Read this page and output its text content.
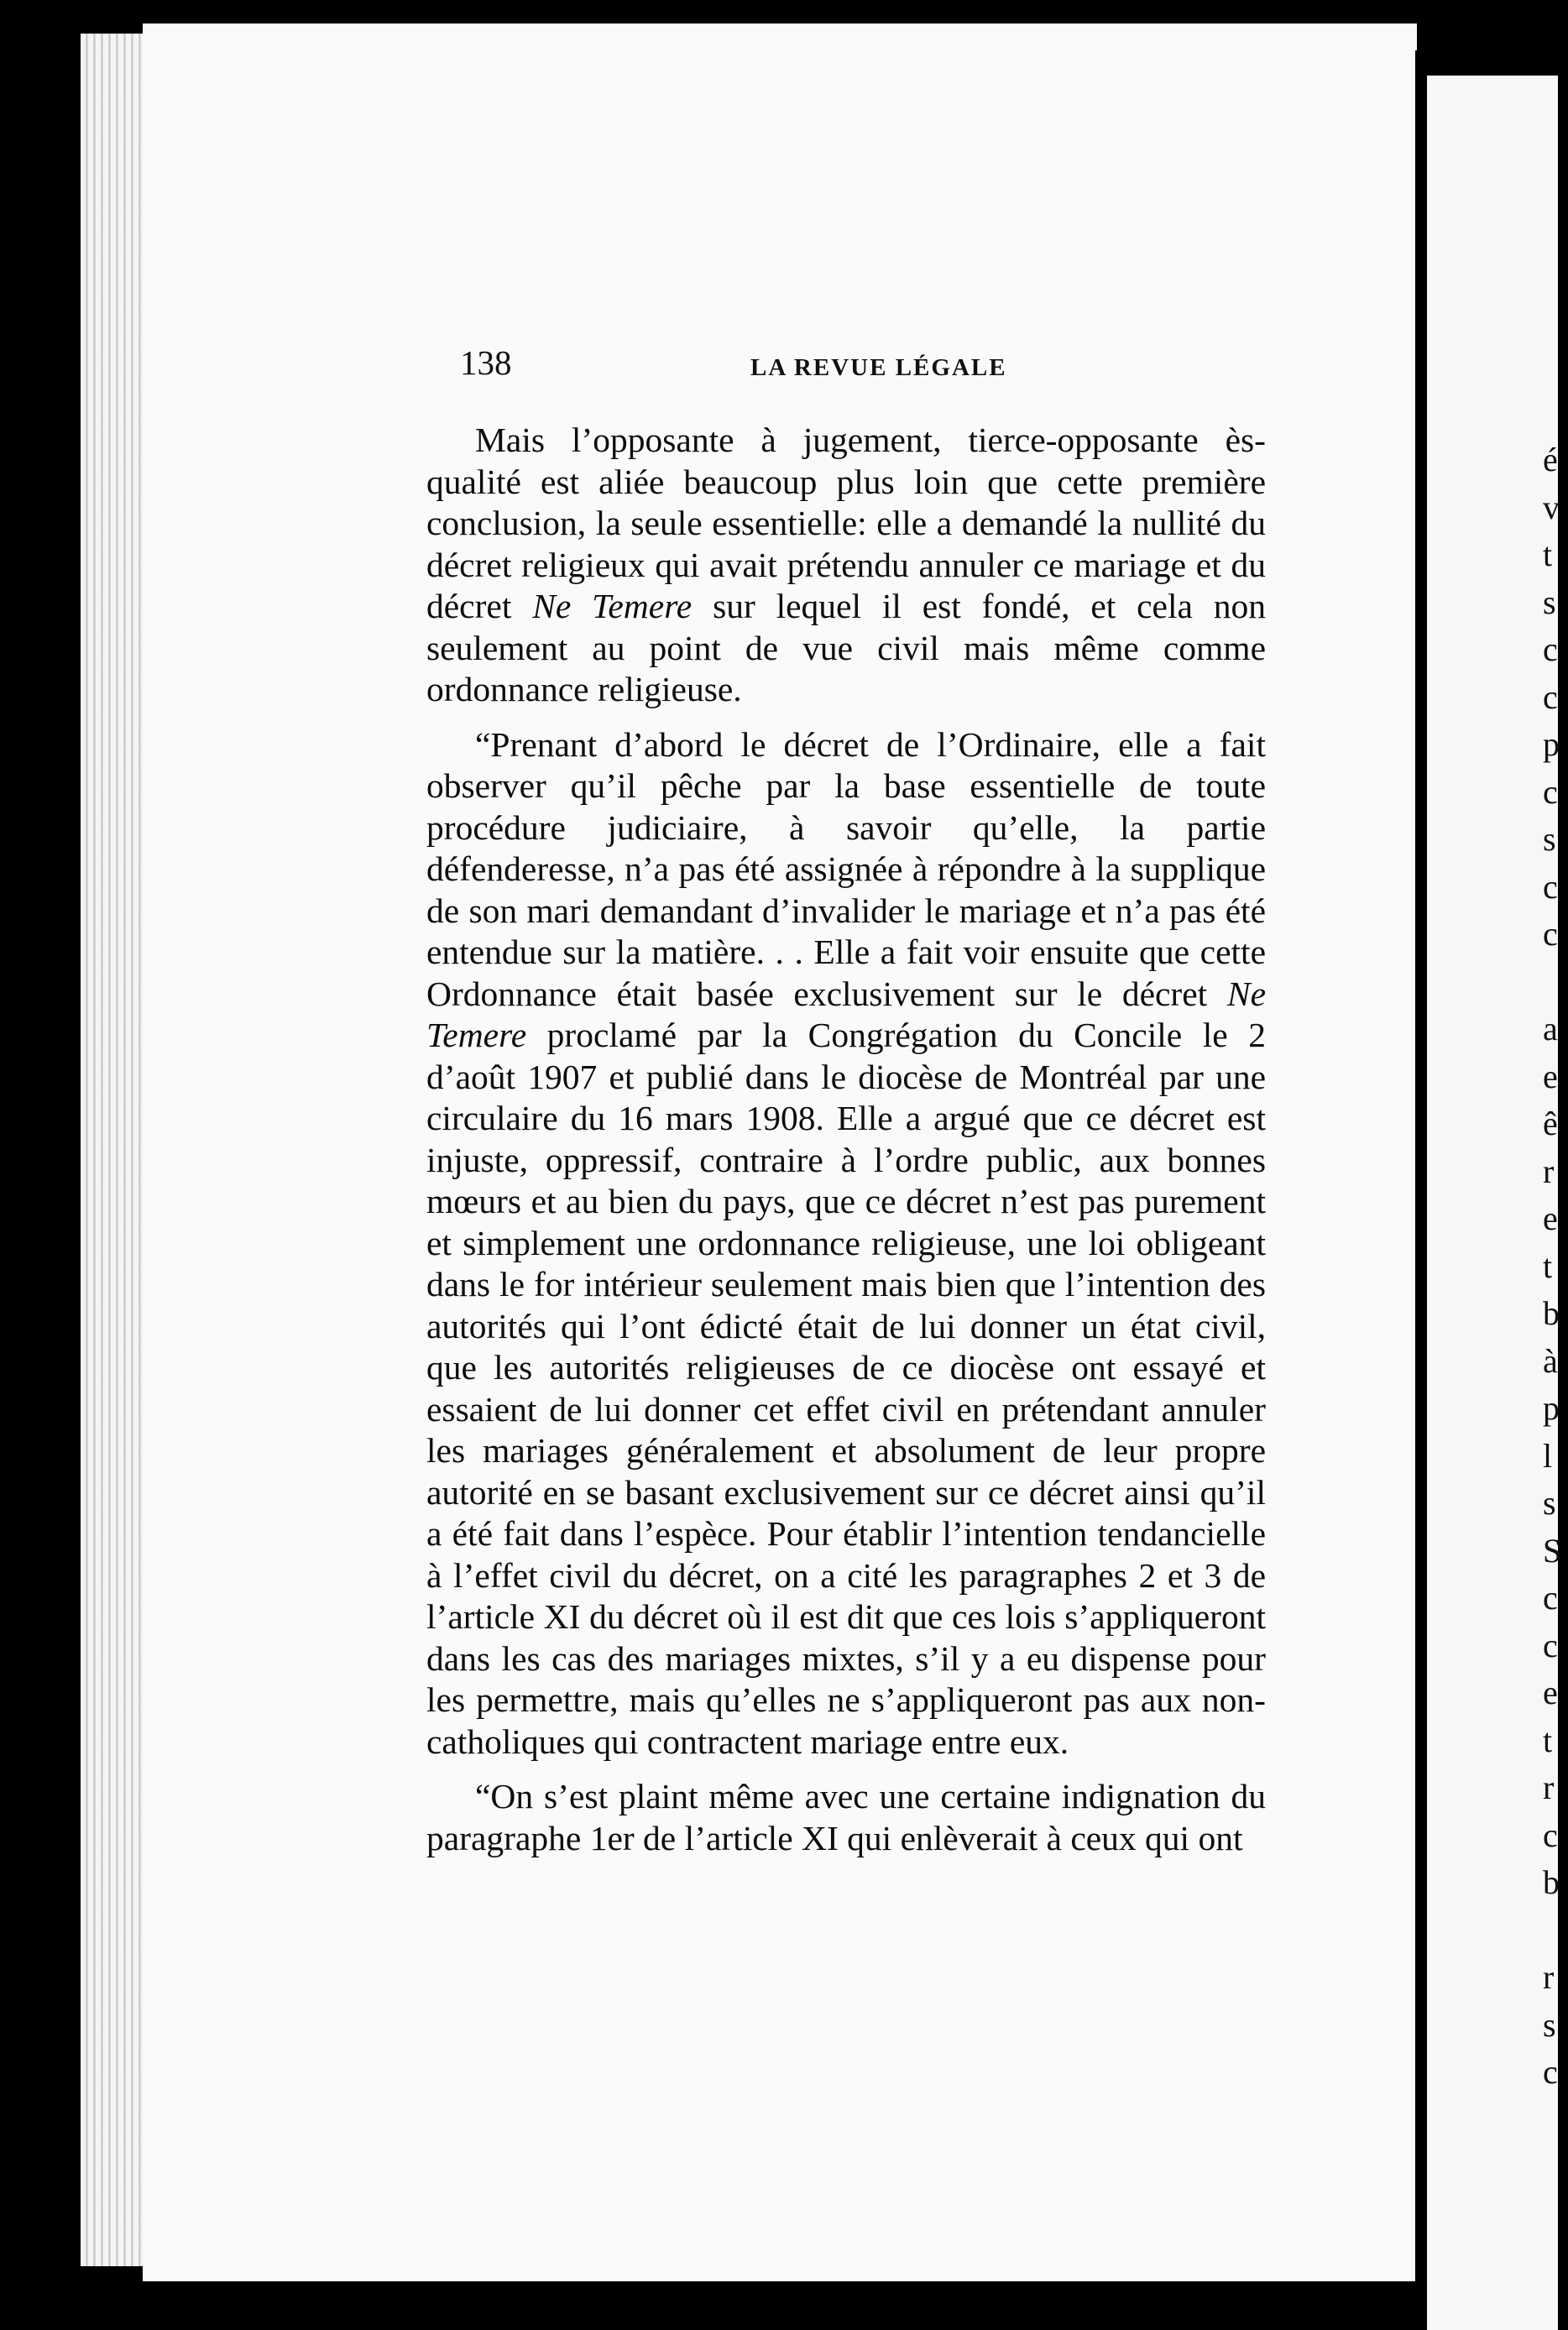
é
v
t
s
c
c
p
c
s
c
c
a
e
ê
r
e
t
b
à
p
l
s
S
c
c
e
t
r
c
b
r
s
c
138	LA REVUE LÉGALE

Mais l’opposante à jugement, tierce-opposante ès-qualité est aliée beaucoup plus loin que cette première conclusion, la seule essentielle: elle a demandé la nullité du décret religieux qui avait prétendu annuler ce mariage et du décret Ne Temere sur lequel il est fondé, et cela non seulement au point de vue civil mais même comme ordonnance religieuse.

“Prenant d’abord le décret de l’Ordinaire, elle a fait observer qu’il pêche par la base essentielle de toute procédure judiciaire, à savoir qu’elle, la partie défenderesse, n’a pas été assignée à répondre à la supplique de son mari demandant d’invalider le mariage et n’a pas été entendue sur la matière. . . Elle a fait voir ensuite que cette Ordonnance était basée exclusivement sur le décret Ne Temere proclamé par la Congrégation du Concile le 2 d’août 1907 et publié dans le diocèse de Montréal par une circulaire du 16 mars 1908. Elle a argué que ce décret est injuste, oppressif, contraire à l’ordre public, aux bonnes mœurs et au bien du pays, que ce décret n’est pas purement et simplement une ordonnance religieuse, une loi obligeant dans le for intérieur seulement mais bien que l’intention des autorités qui l’ont édicté était de lui donner un état civil, que les autorités religieuses de ce diocèse ont essayé et essaient de lui donner cet effet civil en prétendant annuler les mariages généralement et absolument de leur propre autorité en se basant exclusivement sur ce décret ainsi qu’il a été fait dans l’espèce. Pour établir l’intention tendancielle à l’effet civil du décret, on a cité les paragraphes 2 et 3 de l’article XI du décret où il est dit que ces lois s’appliqueront dans les cas des mariages mixtes, s’il y a eu dispense pour les permettre, mais qu’elles ne s’appliqueront pas aux non-catholiques qui contractent mariage entre eux.

“On s’est plaint même avec une certaine indignation du paragraphe 1er de l’article XI qui enlèverait à ceux qui ont
